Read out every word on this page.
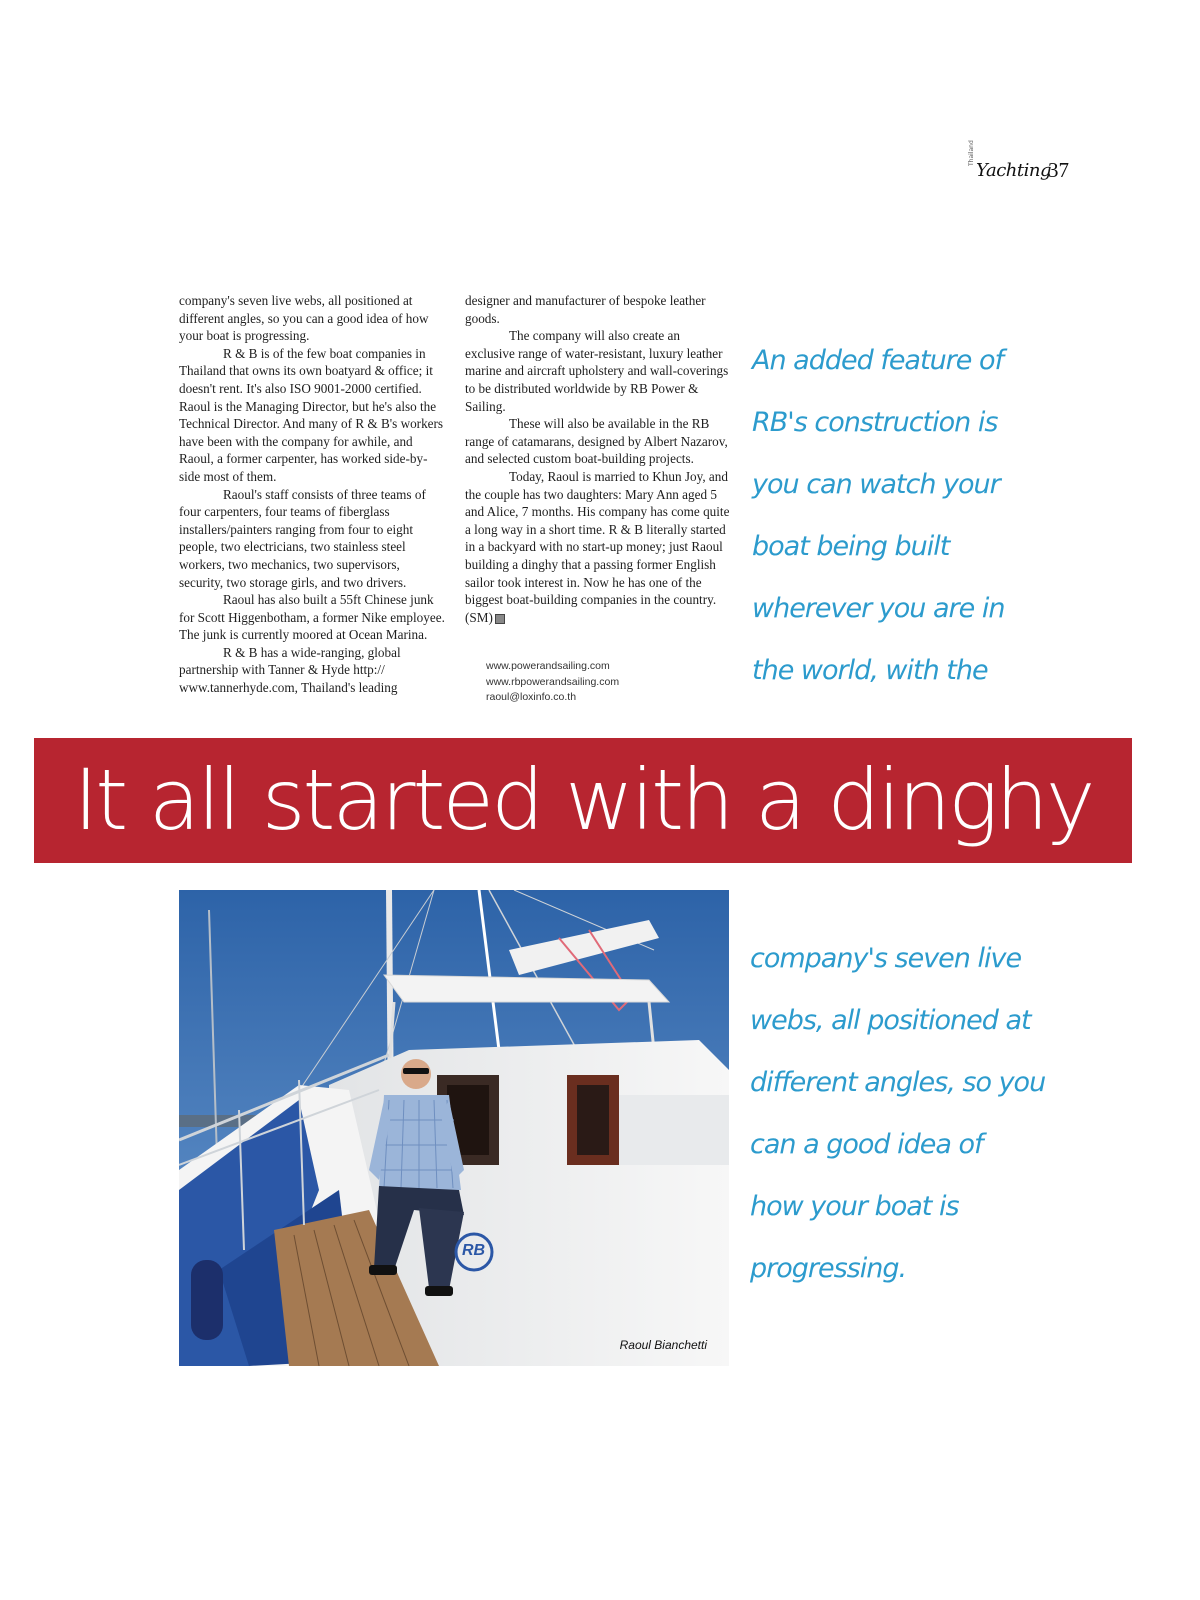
Thailand
Yachting
37

company's seven live webs, all positioned at different angles, so you can a good idea of how your boat is progressing.

R & B is of the few boat companies in Thailand that owns its own boatyard & office; it doesn't rent. It's also ISO 9001-2000 certified. Raoul is the Managing Director, but he's also the Technical Director. And many of R & B's workers have been with the company for awhile, and Raoul, a former carpenter, has worked side-by-side most of them.

Raoul's staff consists of three teams of four carpenters, four teams of fiberglass installers/painters ranging from four to eight people, two electricians, two stainless steel workers, two mechanics, two supervisors, security, two storage girls, and two drivers.

Raoul has also built a 55ft Chinese junk for Scott Higgenbotham, a former Nike employee. The junk is currently moored at Ocean Marina.

R & B has a wide-ranging, global partnership with Tanner & Hyde http:// www.tannerhyde.com, Thailand's leading

designer and manufacturer of bespoke leather goods.

The company will also create an exclusive range of water-resistant, luxury leather marine and aircraft upholstery and wall-coverings to be distributed worldwide by RB Power & Sailing.

These will also be available in the RB range of catamarans, designed by Albert Nazarov, and selected custom boat-building projects.

Today, Raoul is married to Khun Joy, and the couple has two daughters: Mary Ann aged 5 and Alice, 7 months. His company has come quite a long way in a short time. R & B literally started in a backyard with no start-up money; just Raoul building a dinghy that a passing former English sailor took interest in. Now he has one of the biggest boat-building companies in the country. (SM)

www.powerandsailing.com
www.rbpowerandsailing.com
raoul@loxinfo.co.th
An added feature of
RB's construction is
you can watch your
boat being built
wherever you are in
the world, with the
It all started with a dinghy
RB
Raoul Bianchetti
company's seven live
webs, all positioned at
different angles, so you
can a good idea of
how your boat is
progressing.
